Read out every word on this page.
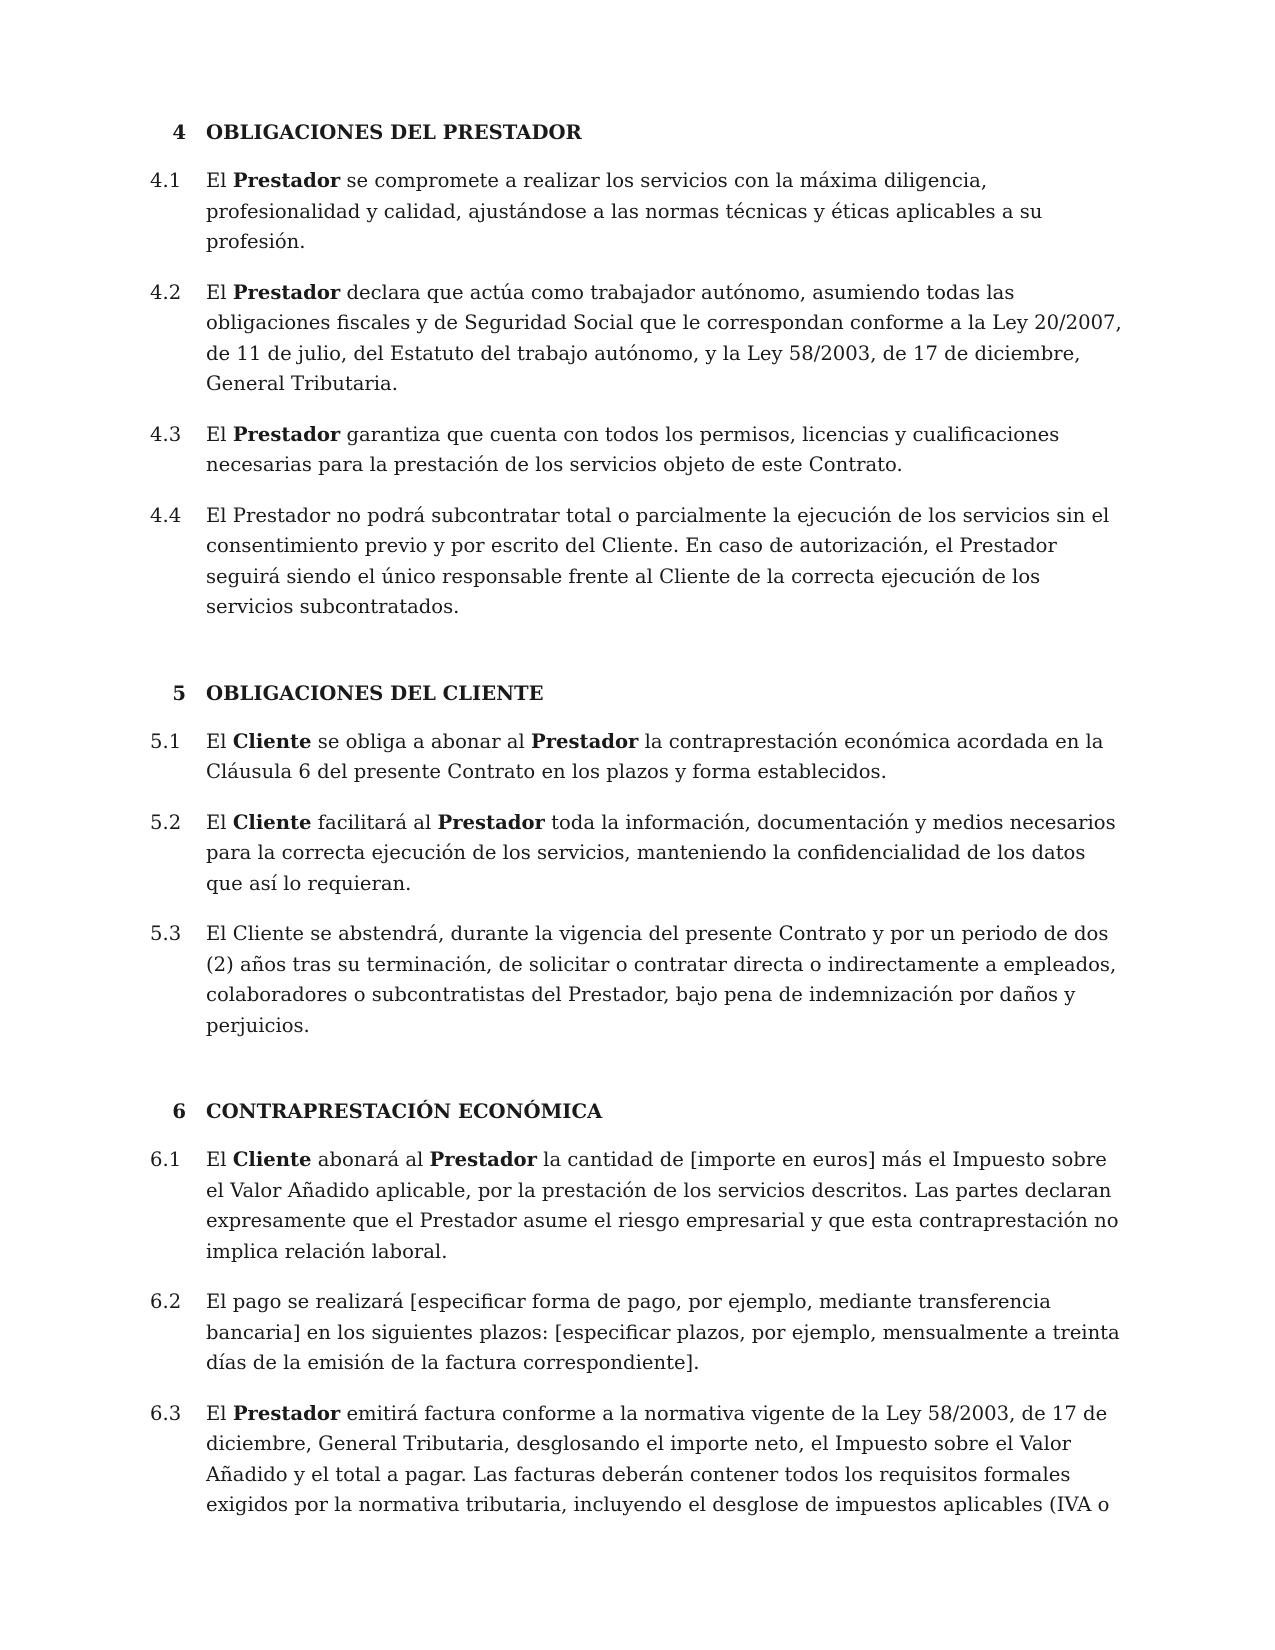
4	OBLIGACIONES DEL PRESTADOR
4.1	El Prestador se compromete a realizar los servicios con la máxima diligencia, profesionalidad y calidad, ajustándose a las normas técnicas y éticas aplicables a su profesión.
4.2	El Prestador declara que actúa como trabajador autónomo, asumiendo todas las obligaciones fiscales y de Seguridad Social que le correspondan conforme a la Ley 20/2007, de 11 de julio, del Estatuto del trabajo autónomo, y la Ley 58/2003, de 17 de diciembre, General Tributaria.
4.3	El Prestador garantiza que cuenta con todos los permisos, licencias y cualificaciones necesarias para la prestación de los servicios objeto de este Contrato.
4.4	El Prestador no podrá subcontratar total o parcialmente la ejecución de los servicios sin el consentimiento previo y por escrito del Cliente. En caso de autorización, el Prestador seguirá siendo el único responsable frente al Cliente de la correcta ejecución de los servicios subcontratados.
5	OBLIGACIONES DEL CLIENTE
5.1	El Cliente se obliga a abonar al Prestador la contraprestación económica acordada en la Cláusula 6 del presente Contrato en los plazos y forma establecidos.
5.2	El Cliente facilitará al Prestador toda la información, documentación y medios necesarios para la correcta ejecución de los servicios, manteniendo la confidencialidad de los datos que así lo requieran.
5.3	El Cliente se abstendrá, durante la vigencia del presente Contrato y por un periodo de dos (2) años tras su terminación, de solicitar o contratar directa o indirectamente a empleados, colaboradores o subcontratistas del Prestador, bajo pena de indemnización por daños y perjuicios.
6	CONTRAPRESTACIÓN ECONÓMICA
6.1	El Cliente abonará al Prestador la cantidad de [importe en euros] más el Impuesto sobre el Valor Añadido aplicable, por la prestación de los servicios descritos. Las partes declaran expresamente que el Prestador asume el riesgo empresarial y que esta contraprestación no implica relación laboral.
6.2	El pago se realizará [especificar forma de pago, por ejemplo, mediante transferencia bancaria] en los siguientes plazos: [especificar plazos, por ejemplo, mensualmente a treinta días de la emisión de la factura correspondiente].
6.3	El Prestador emitirá factura conforme a la normativa vigente de la Ley 58/2003, de 17 de diciembre, General Tributaria, desglosando el importe neto, el Impuesto sobre el Valor Añadido y el total a pagar. Las facturas deberán contener todos los requisitos formales exigidos por la normativa tributaria, incluyendo el desglose de impuestos aplicables (IVA o
